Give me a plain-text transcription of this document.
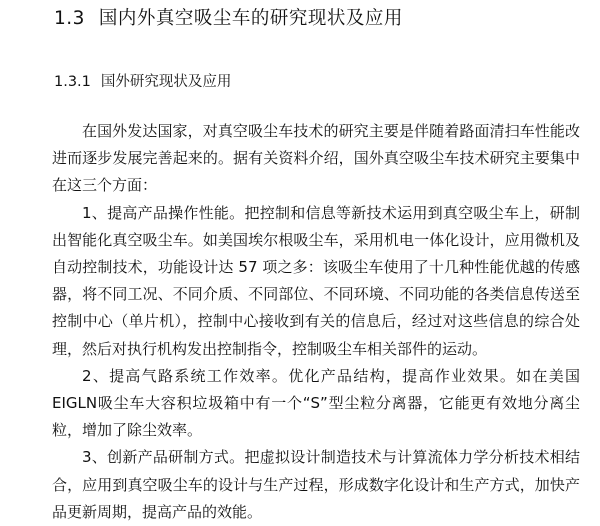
1.3 国内外真空吸尘车的研究现状及应用
1.3.1 国外研究现状及应用

在国外发达国家，对真空吸尘车技术的研究主要是伴随着路面清扫车性能改进而逐步发展完善起来的。据有关资料介绍，国外真空吸尘车技术研究主要集中在这三个方面：

1、提高产品操作性能。把控制和信息等新技术运用到真空吸尘车上，研制出智能化真空吸尘车。如美国埃尔根吸尘车，采用机电一体化设计，应用微机及自动控制技术，功能设计达 57 项之多：该吸尘车使用了十几种性能优越的传感器，将不同工况、不同介质、不同部位、不同环境、不同功能的各类信息传送至控制中心（单片机），控制中心接收到有关的信息后，经过对这些信息的综合处理，然后对执行机构发出控制指令，控制吸尘车相关部件的运动。

2、提高气路系统工作效率。优化产品结构，提高作业效果。如在美国EIGLN吸尘车大容积垃圾箱中有一个“S”型尘粒分离器，它能更有效地分离尘粒，增加了除尘效率。

3、创新产品研制方式。把虚拟设计制造技术与计算流体力学分析技术相结合，应用到真空吸尘车的设计与生产过程，形成数字化设计和生产方式，加快产品更新周期，提高产品的效能。
